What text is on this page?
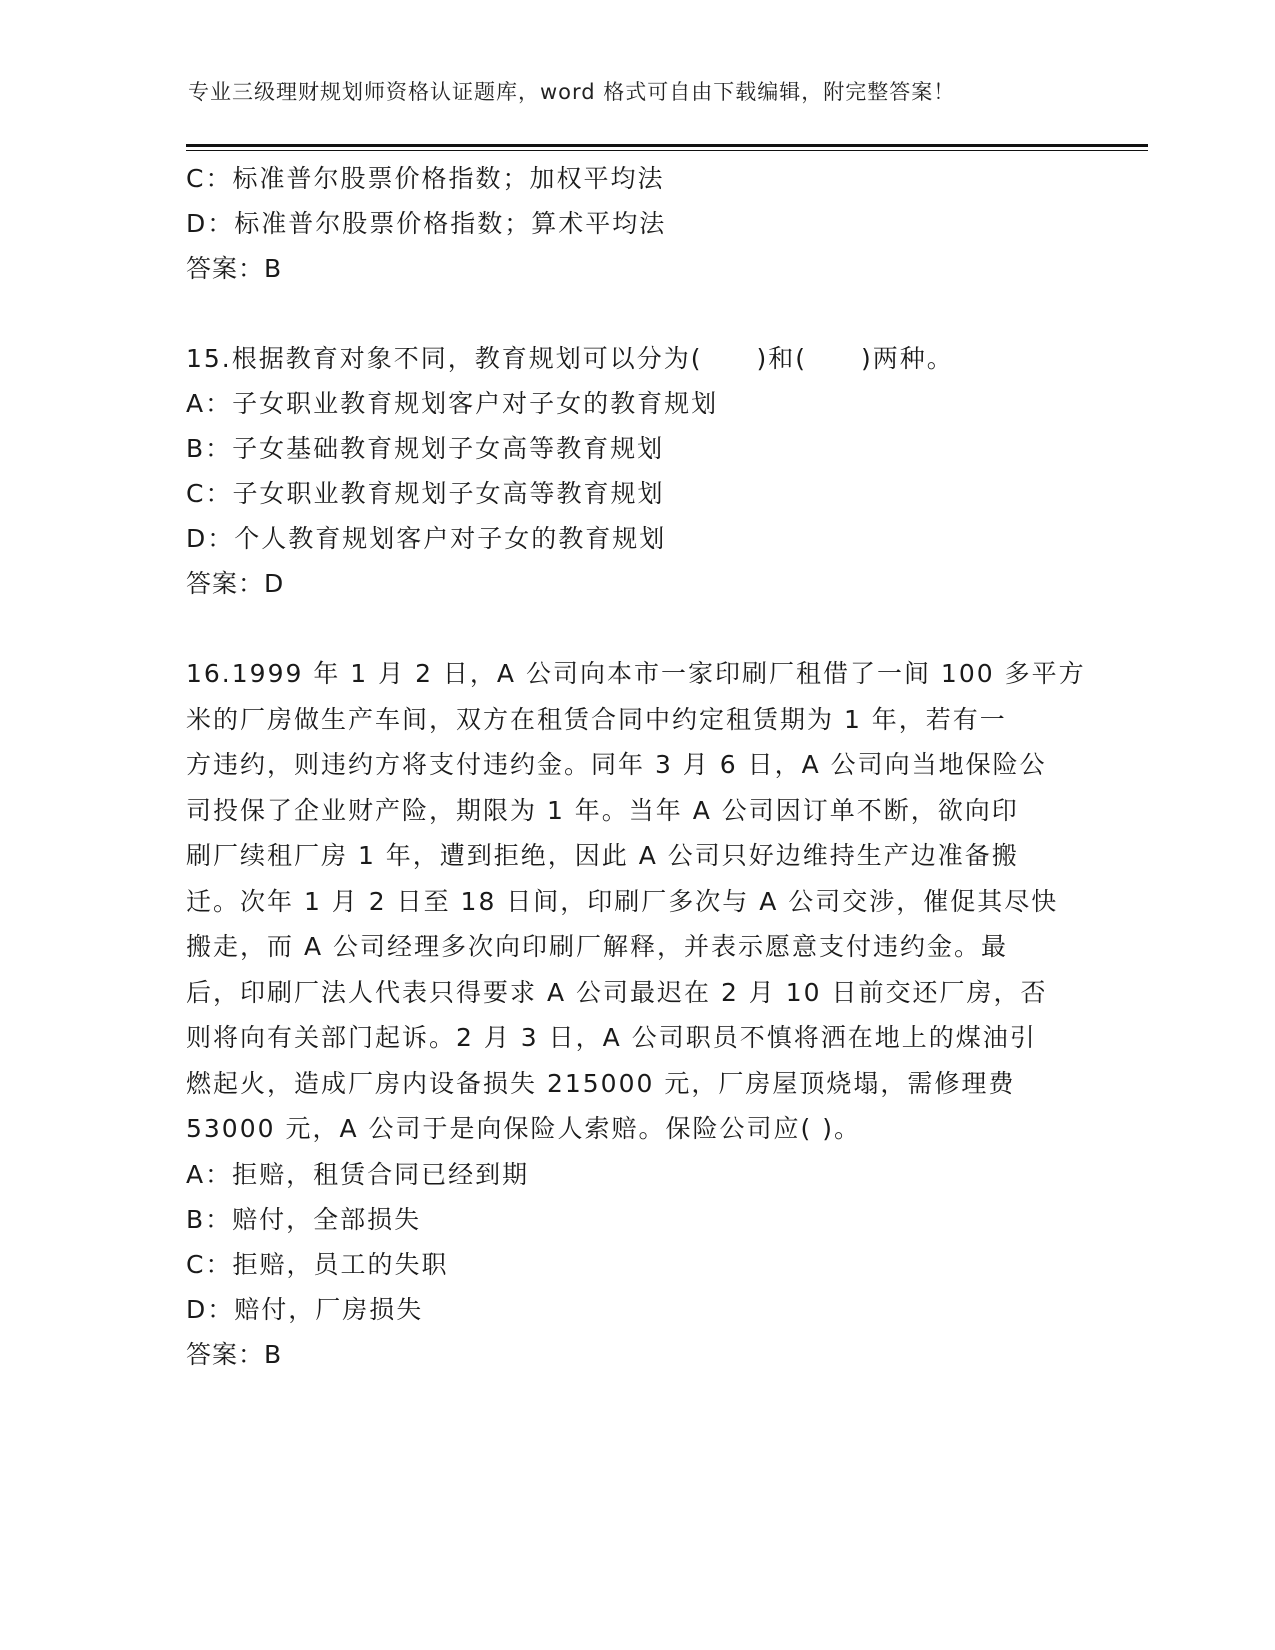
专业三级理财规划师资格认证题库，word 格式可自由下载编辑，附完整答案！
C：标准普尔股票价格指数；加权平均法
D：标准普尔股票价格指数；算术平均法
答案：B
15.根据教育对象不同，教育规划可以分为(　　)和(　　)两种。
A：子女职业教育规划客户对子女的教育规划
B：子女基础教育规划子女高等教育规划
C：子女职业教育规划子女高等教育规划
D：个人教育规划客户对子女的教育规划
答案：D
16.1999 年 1 月 2 日，A 公司向本市一家印刷厂租借了一间 100 多平方
米的厂房做生产车间，双方在租赁合同中约定租赁期为 1 年，若有一
方违约，则违约方将支付违约金。同年 3 月 6 日，A 公司向当地保险公
司投保了企业财产险，期限为 1 年。当年 A 公司因订单不断，欲向印
刷厂续租厂房 1 年，遭到拒绝，因此 A 公司只好边维持生产边准备搬
迁。次年 1 月 2 日至 18 日间，印刷厂多次与 A 公司交涉，催促其尽快
搬走，而 A 公司经理多次向印刷厂解释，并表示愿意支付违约金。最
后，印刷厂法人代表只得要求 A 公司最迟在 2 月 10 日前交还厂房，否
则将向有关部门起诉。2 月 3 日，A 公司职员不慎将洒在地上的煤油引
燃起火，造成厂房内设备损失 215000 元，厂房屋顶烧塌，需修理费
53000 元，A 公司于是向保险人索赔。保险公司应( )。
A：拒赔，租赁合同已经到期
B：赔付，全部损失
C：拒赔，员工的失职
D：赔付，厂房损失
答案：B
